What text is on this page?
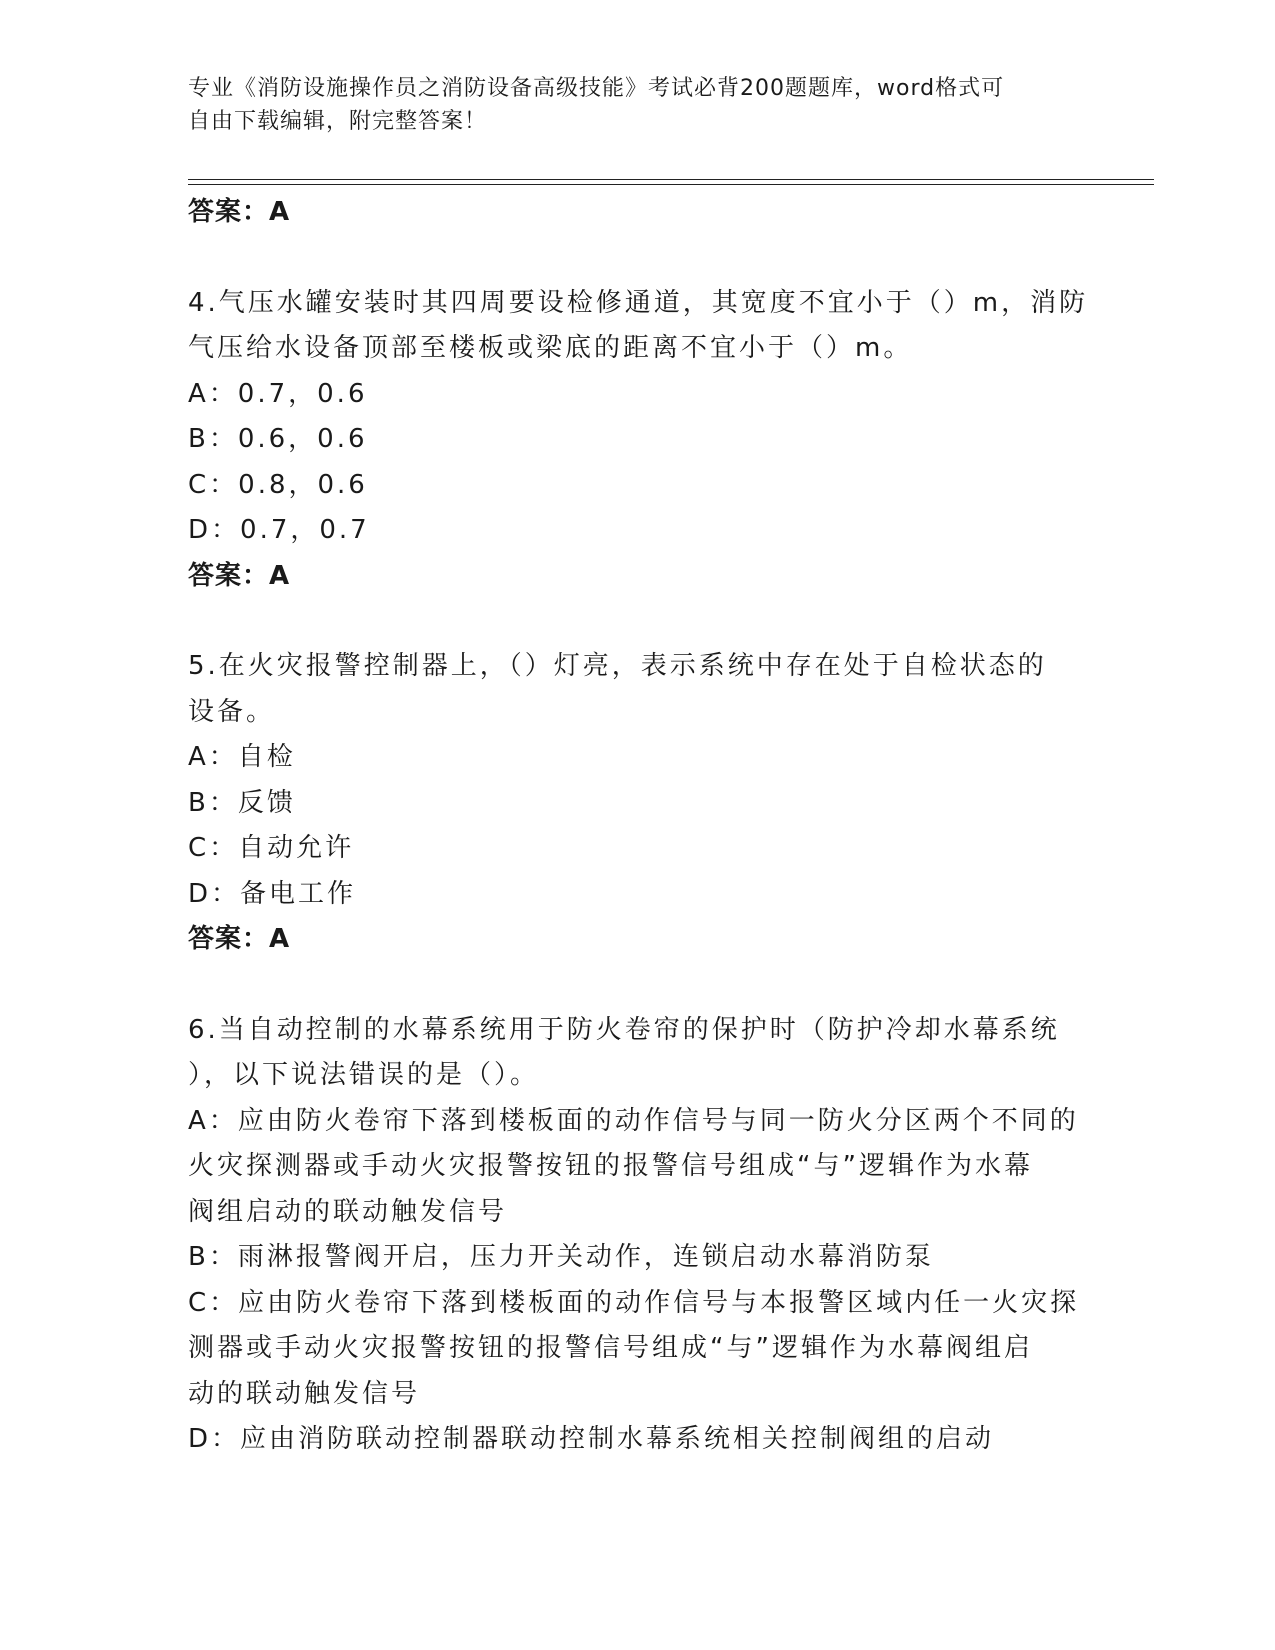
专业《消防设施操作员之消防设备高级技能》考试必背200题题库，word格式可
自由下载编辑，附完整答案！
答案：A
4.气压水罐安装时其四周要设检修通道，其宽度不宜小于（）m，消防
气压给水设备顶部至楼板或梁底的距离不宜小于（）m。
A：0.7，0.6
B：0.6，0.6
C：0.8，0.6
D：0.7，0.7
答案：A
5.在火灾报警控制器上，（）灯亮，表示系统中存在处于自检状态的
设备。
A：自检
B：反馈
C：自动允许
D：备电工作
答案：A
6.当自动控制的水幕系统用于防火卷帘的保护时（防护冷却水幕系统
），以下说法错误的是（）。
A：应由防火卷帘下落到楼板面的动作信号与同一防火分区两个不同的
火灾探测器或手动火灾报警按钮的报警信号组成“与”逻辑作为水幕
阀组启动的联动触发信号
B：雨淋报警阀开启，压力开关动作，连锁启动水幕消防泵
C：应由防火卷帘下落到楼板面的动作信号与本报警区域内任一火灾探
测器或手动火灾报警按钮的报警信号组成“与”逻辑作为水幕阀组启
动的联动触发信号
D：应由消防联动控制器联动控制水幕系统相关控制阀组的启动
